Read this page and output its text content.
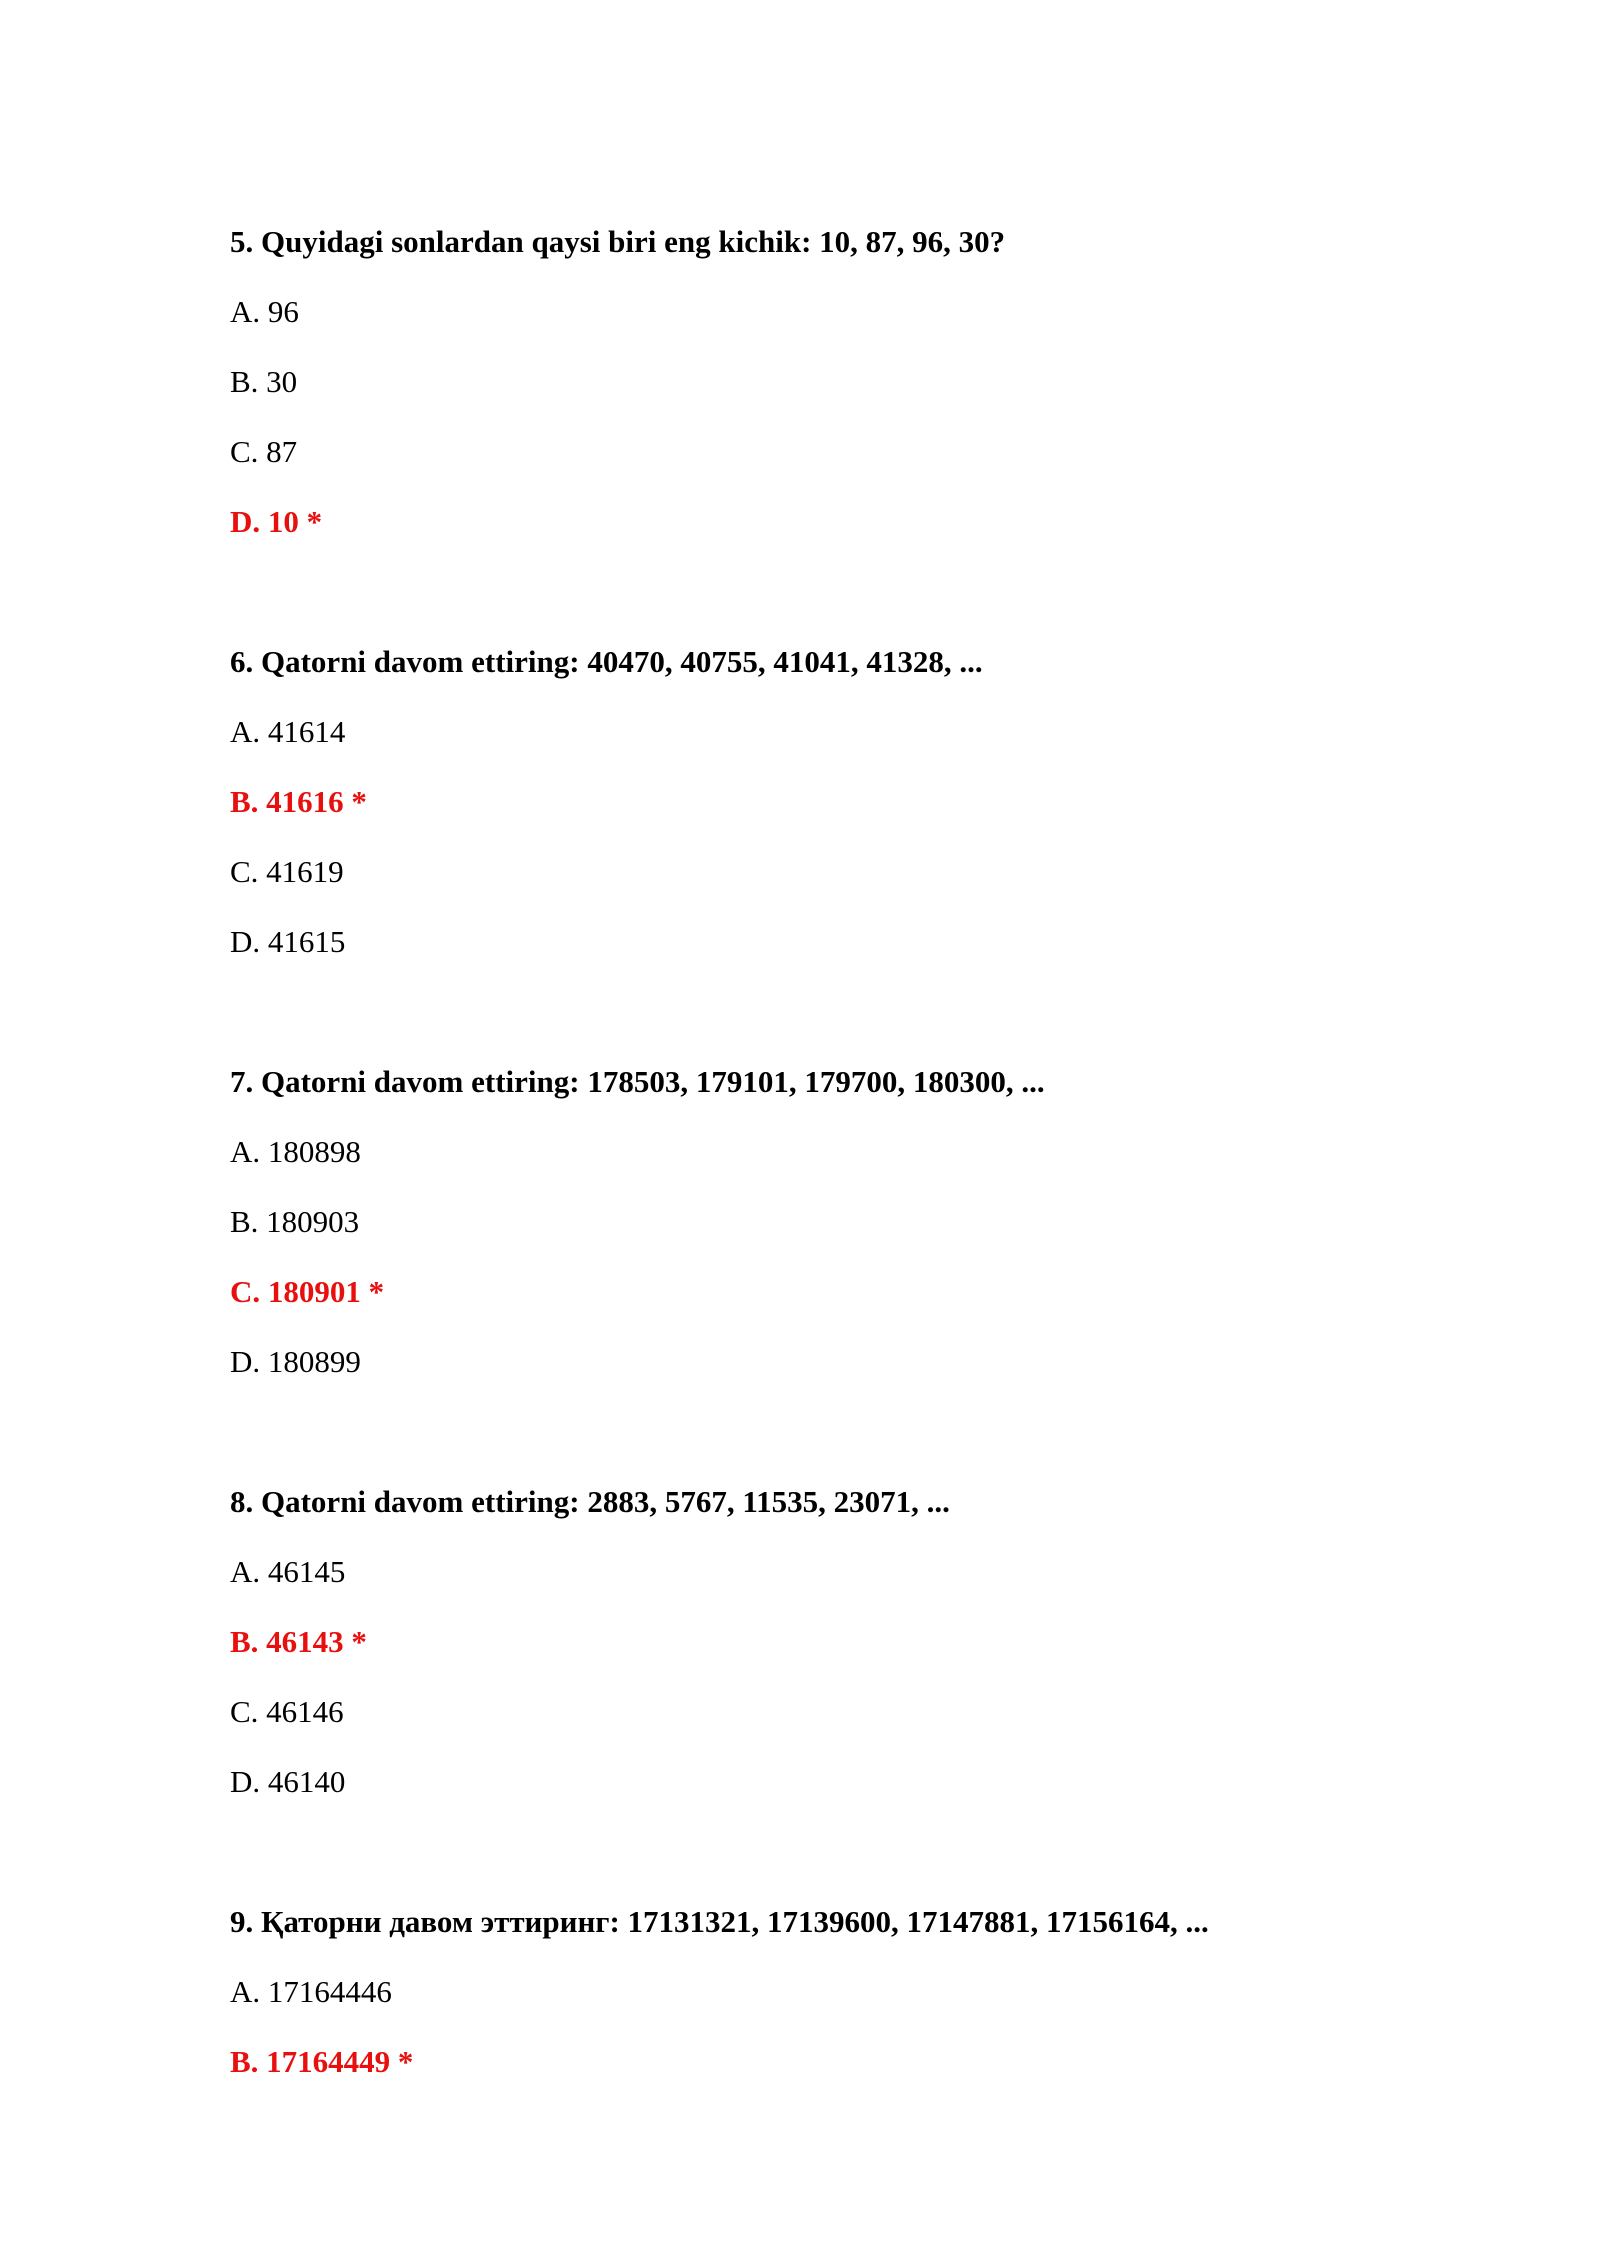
5. Quyidagi sonlardan qaysi biri eng kichik: 10, 87, 96, 30?
A. 96
B. 30
C. 87
D. 10 *
6. Qatorni davom ettiring: 40470, 40755, 41041, 41328, ...
A. 41614
B. 41616 *
C. 41619
D. 41615
7. Qatorni davom ettiring: 178503, 179101, 179700, 180300, ...
A. 180898
B. 180903
C. 180901 *
D. 180899
8. Qatorni davom ettiring: 2883, 5767, 11535, 23071, ...
A. 46145
B. 46143 *
C. 46146
D. 46140
9. Қаторни давом эттиринг: 17131321, 17139600, 17147881, 17156164, ...
A. 17164446
B. 17164449 *
